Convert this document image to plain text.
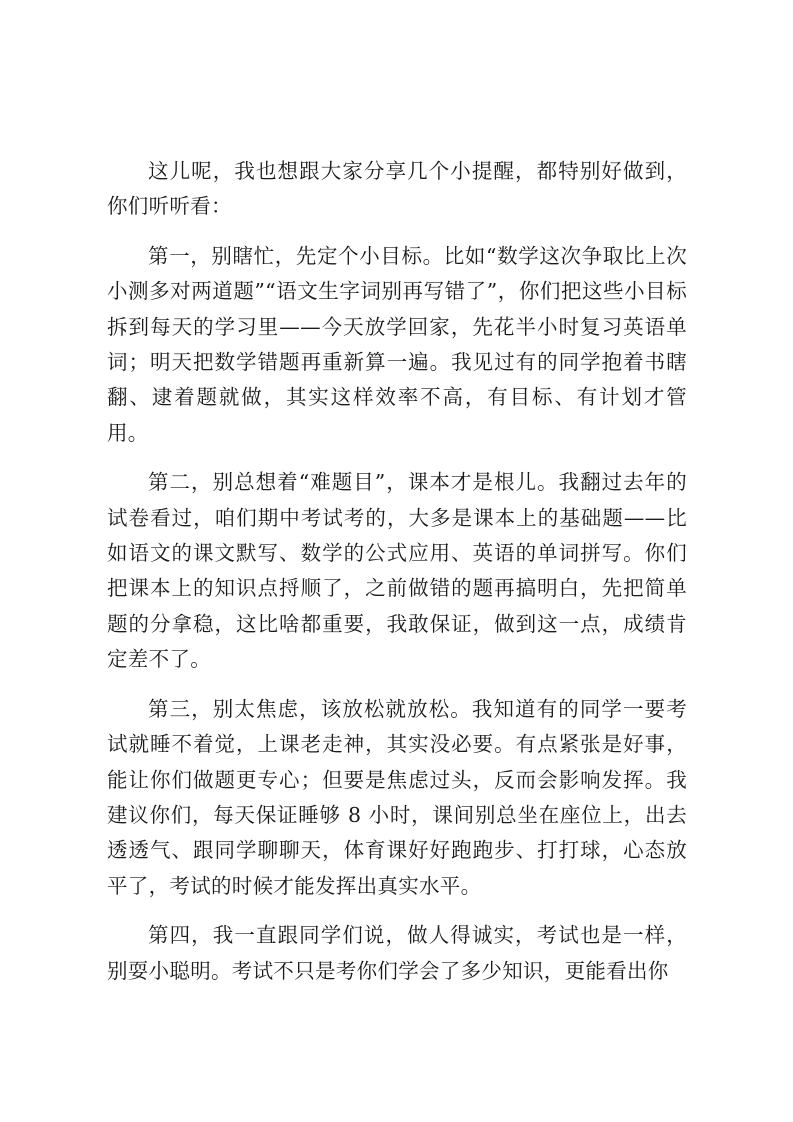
这儿呢，我也想跟大家分享几个小提醒，都特别好做到，你们听听看：

第一，别瞎忙，先定个小目标。比如“数学这次争取比上次小测多对两道题”“语文生字词别再写错了”，你们把这些小目标拆到每天的学习里——今天放学回家，先花半小时复习英语单词；明天把数学错题再重新算一遍。我见过有的同学抱着书瞎翻、逮着题就做，其实这样效率不高，有目标、有计划才管用。

第二，别总想着“难题目”，课本才是根儿。我翻过去年的试卷看过，咱们期中考试考的，大多是课本上的基础题——比如语文的课文默写、数学的公式应用、英语的单词拼写。你们把课本上的知识点捋顺了，之前做错的题再搞明白，先把简单题的分拿稳，这比啥都重要，我敢保证，做到这一点，成绩肯定差不了。

第三，别太焦虑，该放松就放松。我知道有的同学一要考试就睡不着觉，上课老走神，其实没必要。有点紧张是好事，能让你们做题更专心；但要是焦虑过头，反而会影响发挥。我建议你们，每天保证睡够 8 小时，课间别总坐在座位上，出去透透气、跟同学聊聊天，体育课好好跑跑步、打打球，心态放平了，考试的时候才能发挥出真实水平。

第四，我一直跟同学们说，做人得诚实，考试也是一样，别耍小聪明。考试不只是考你们学会了多少知识，更能看出你
